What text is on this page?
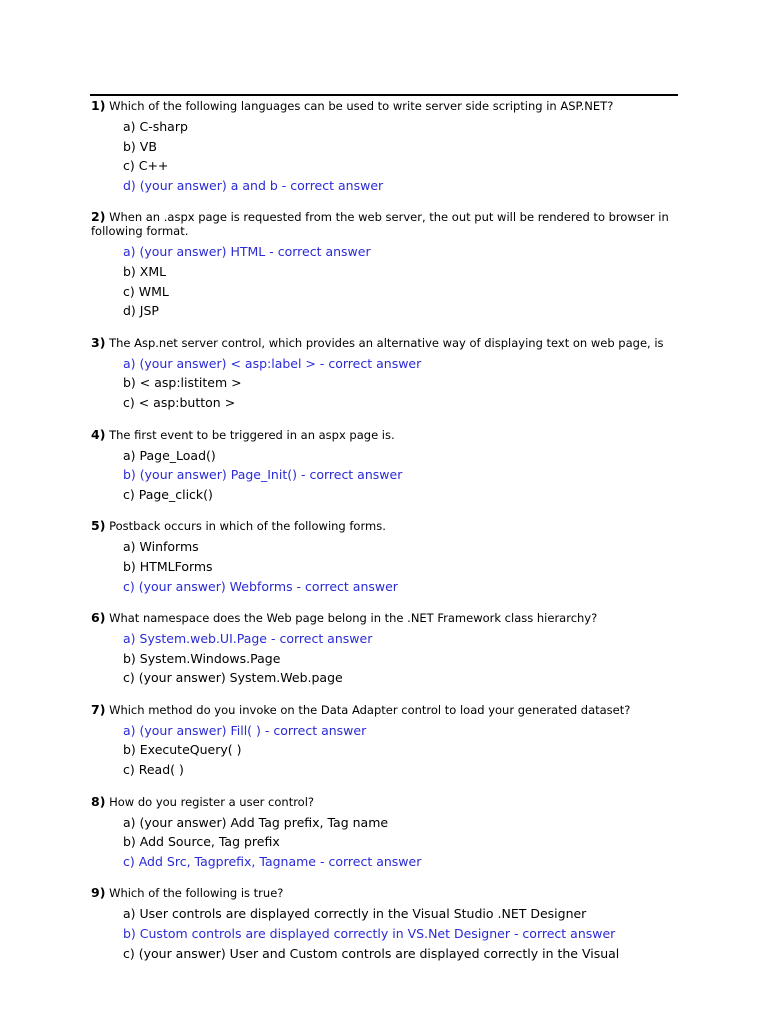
1) Which of the following languages can be used to write server side scripting in ASP.NET?
a) C-sharp
b) VB
c) C++
d) (your answer) a and b - correct answer
2) When an .aspx page is requested from the web server, the out put will be rendered to browser in following format.
a) (your answer) HTML - correct answer
b) XML
c) WML
d) JSP
3) The Asp.net server control, which provides an alternative way of displaying text on web page, is
a) (your answer) < asp:label > - correct answer
b) < asp:listitem >
c) < asp:button >
4) The first event to be triggered in an aspx page is.
a) Page_Load()
b) (your answer) Page_Init() - correct answer
c) Page_click()
5) Postback occurs in which of the following forms.
a) Winforms
b) HTMLForms
c) (your answer) Webforms - correct answer
6) What namespace does the Web page belong in the .NET Framework class hierarchy?
a) System.web.UI.Page - correct answer
b) System.Windows.Page
c) (your answer) System.Web.page
7) Which method do you invoke on the Data Adapter control to load your generated dataset?
a) (your answer) Fill( ) - correct answer
b) ExecuteQuery( )
c) Read( )
8) How do you register a user control?
a) (your answer) Add Tag prefix, Tag name
b) Add Source, Tag prefix
c) Add Src, Tagprefix, Tagname - correct answer
9) Which of the following is true?
a) User controls are displayed correctly in the Visual Studio .NET Designer
b) Custom controls are displayed correctly in VS.Net Designer - correct answer
c) (your answer) User and Custom controls are displayed correctly in the Visual
